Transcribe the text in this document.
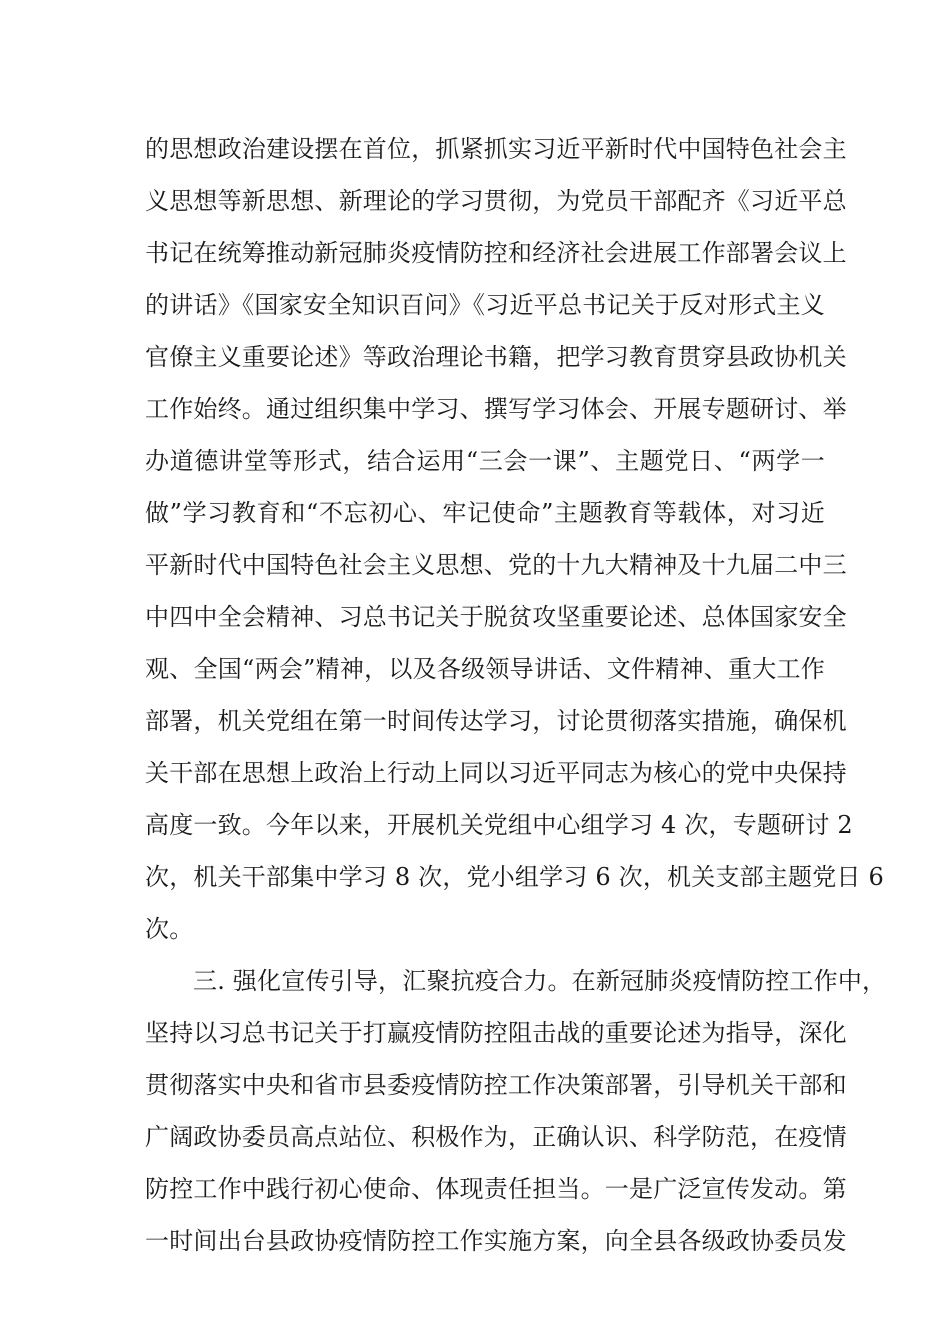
的思想政治建设摆在首位，抓紧抓实习近平新时代中国特色社会主
义思想等新思想、新理论的学习贯彻，为党员干部配齐《习近平总
书记在统筹推动新冠肺炎疫情防控和经济社会进展工作部署会议上
的讲话》《国家安全知识百问》《习近平总书记关于反对形式主义
官僚主义重要论述》等政治理论书籍，把学习教育贯穿县政协机关
工作始终。通过组织集中学习、撰写学习体会、开展专题研讨、举
办道德讲堂等形式，结合运用“三会一课”、主题党日、“两学一
做”学习教育和“不忘初心、牢记使命”主题教育等载体，对习近
平新时代中国特色社会主义思想、党的十九大精神及十九届二中三
中四中全会精神、习总书记关于脱贫攻坚重要论述、总体国家安全
观、全国“两会”精神，以及各级领导讲话、文件精神、重大工作
部署，机关党组在第一时间传达学习，讨论贯彻落实措施，确保机
关干部在思想上政治上行动上同以习近平同志为核心的党中央保持
高度一致。今年以来，开展机关党组中心组学习 4 次，专题研讨 2
次，机关干部集中学习 8 次，党小组学习 6 次，机关支部主题党日 6
次。
三. 强化宣传引导，汇聚抗疫合力。在新冠肺炎疫情防控工作中，
坚持以习总书记关于打赢疫情防控阻击战的重要论述为指导，深化
贯彻落实中央和省市县委疫情防控工作决策部署，引导机关干部和
广阔政协委员高点站位、积极作为，正确认识、科学防范，在疫情
防控工作中践行初心使命、体现责任担当。一是广泛宣传发动。第
一时间出台县政协疫情防控工作实施方案，向全县各级政协委员发
